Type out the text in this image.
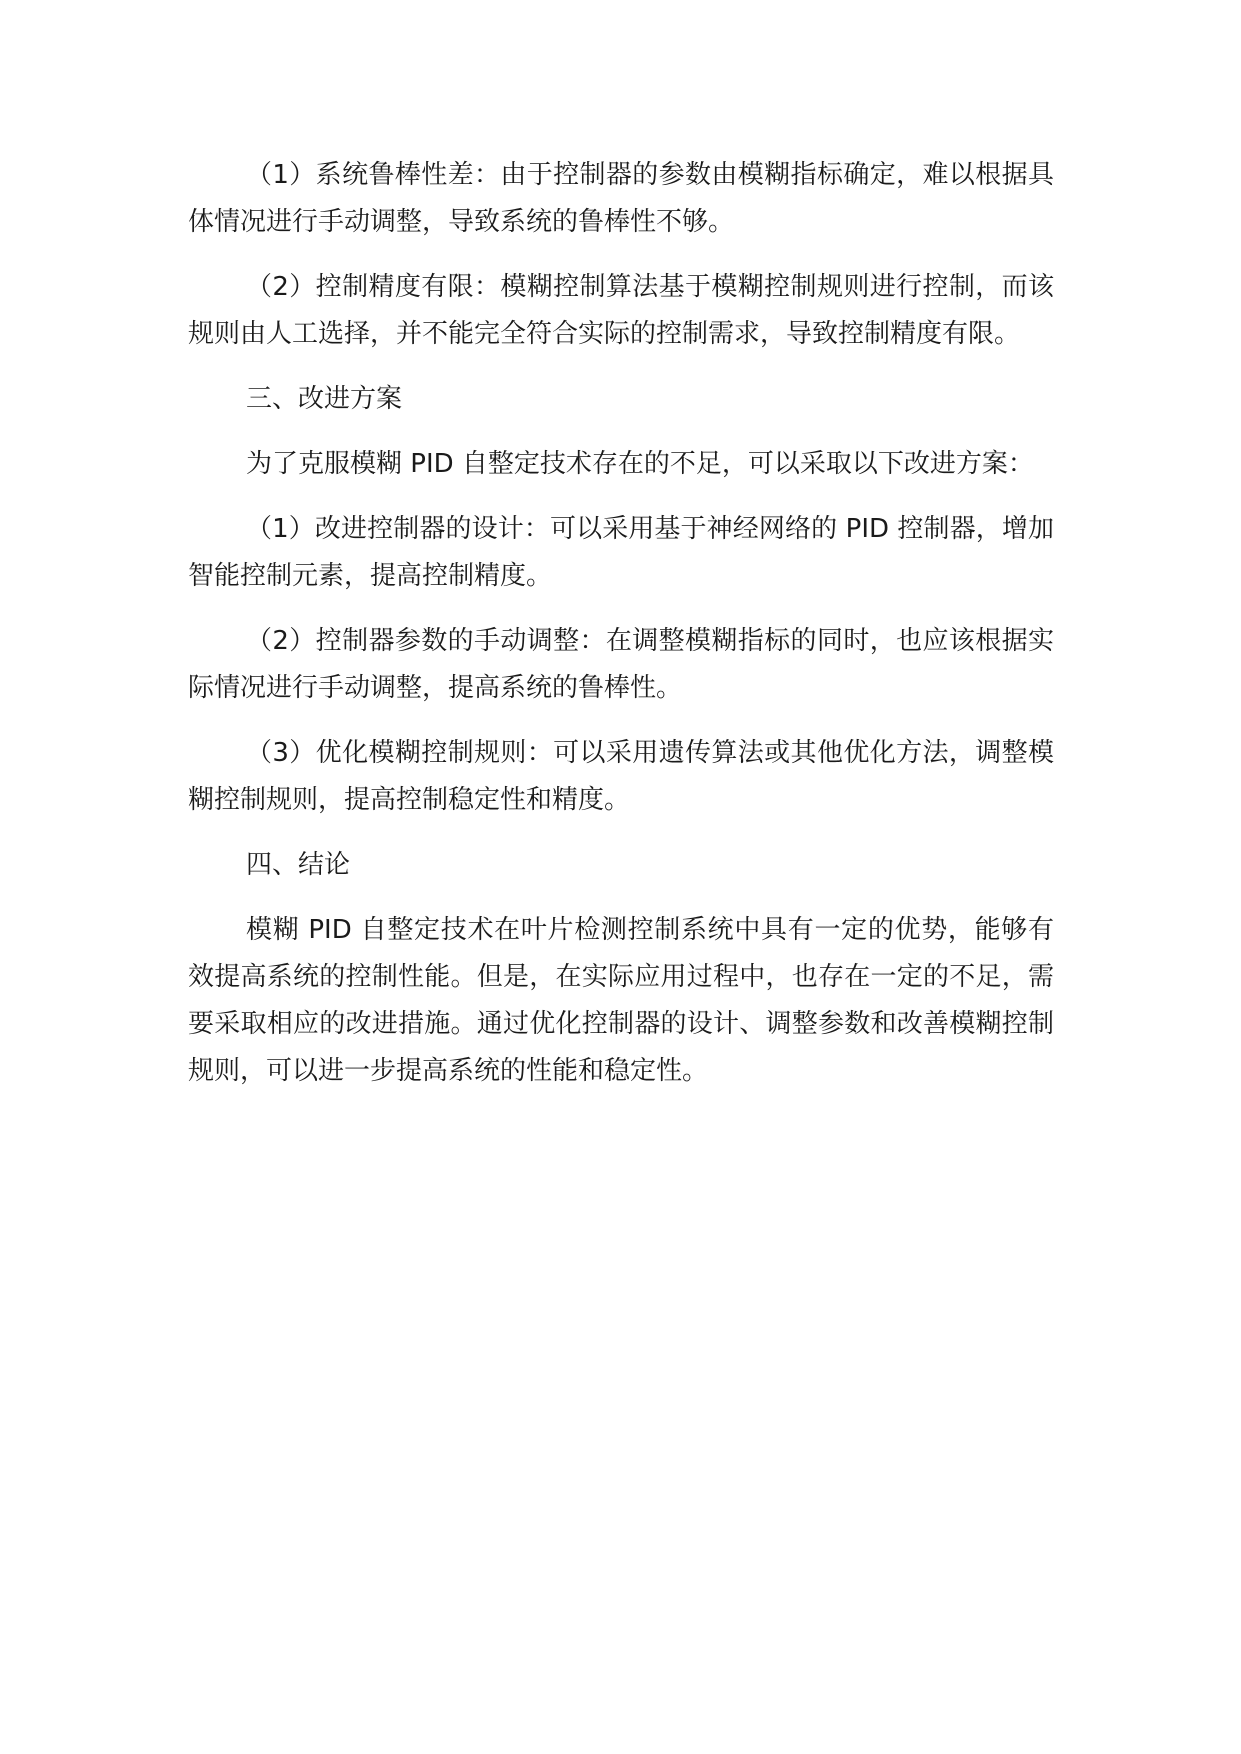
（1）系统鲁棒性差：由于控制器的参数由模糊指标确定，难以根据具体情况进行手动调整，导致系统的鲁棒性不够。

（2）控制精度有限：模糊控制算法基于模糊控制规则进行控制，而该规则由人工选择，并不能完全符合实际的控制需求，导致控制精度有限。

三、改进方案

为了克服模糊 PID 自整定技术存在的不足，可以采取以下改进方案：

（1）改进控制器的设计：可以采用基于神经网络的 PID 控制器，增加智能控制元素，提高控制精度。

（2）控制器参数的手动调整：在调整模糊指标的同时，也应该根据实际情况进行手动调整，提高系统的鲁棒性。

（3）优化模糊控制规则：可以采用遗传算法或其他优化方法，调整模糊控制规则，提高控制稳定性和精度。

四、结论

模糊 PID 自整定技术在叶片检测控制系统中具有一定的优势，能够有效提高系统的控制性能。但是，在实际应用过程中，也存在一定的不足，需要采取相应的改进措施。通过优化控制器的设计、调整参数和改善模糊控制规则，可以进一步提高系统的性能和稳定性。
